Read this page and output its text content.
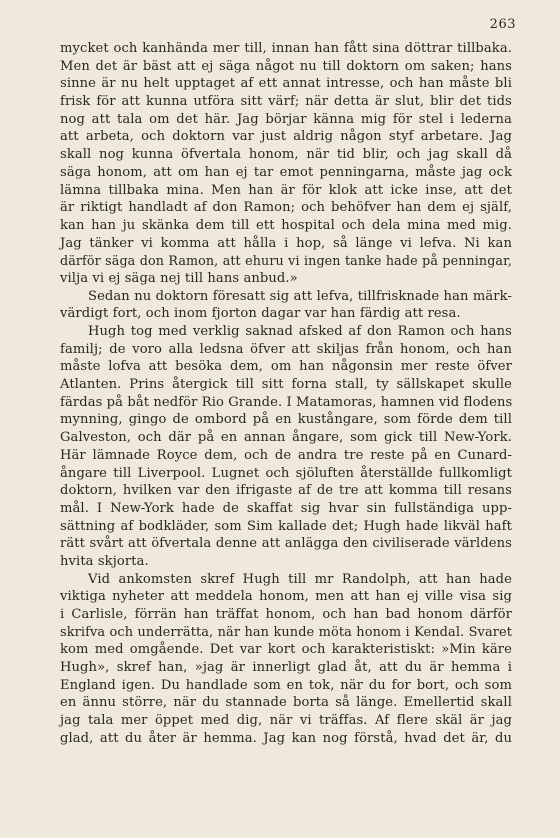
263
mycket och kanhända mer till, innan han fått sina döttrar tillbaka.
Men det är bäst att ej säga något nu till doktorn om saken; hans
sinne är nu helt upptaget af ett annat intresse, och han måste bli
frisk för att kunna utföra sitt värf; när detta är slut, blir det tids
nog att tala om det här. Jag börjar känna mig för stel i lederna
att arbeta, och doktorn var just aldrig någon styf arbetare. Jag
skall nog kunna öfvertala honom, när tid blir, och jag skall då
säga honom, att om han ej tar emot penningarna, måste jag ock
lämna tillbaka mina. Men han är för klok att icke inse, att det
är riktigt handladt af don Ramon; och behöfver han dem ej själf,
kan han ju skänka dem till ett hospital och dela mina med mig.
Jag tänker vi komma att hålla i hop, så länge vi lefva. Ni kan
därför säga don Ramon, att ehuru vi ingen tanke hade på penningar,
vilja vi ej säga nej till hans anbud.»
Sedan nu doktorn föresatt sig att lefva, tillfrisknade han märk-
värdigt fort, och inom fjorton dagar var han färdig att resa.
Hugh tog med verklig saknad afsked af don Ramon och hans
familj; de voro alla ledsna öfver att skiljas från honom, och han
måste lofva att besöka dem, om han någonsin mer reste öfver
Atlanten. Prins återgick till sitt forna stall, ty sällskapet skulle
färdas på båt nedför Rio Grande. I Matamoras, hamnen vid flodens
mynning, gingo de ombord på en kustångare, som förde dem till
Galveston, och där på en annan ångare, som gick till New-York.
Här lämnade Royce dem, och de andra tre reste på en Cunard-
ångare till Liverpool. Lugnet och sjöluften återställde fullkomligt
doktorn, hvilken var den ifrigaste af de tre att komma till resans
mål. I New-York hade de skaffat sig hvar sin fullständiga upp-
sättning af bodkläder, som Sim kallade det; Hugh hade likväl haft
rätt svårt att öfvertala denne att anlägga den civiliserade världens
hvita skjorta.
Vid ankomsten skref Hugh till mr Randolph, att han hade
viktiga nyheter att meddela honom, men att han ej ville visa sig
i Carlisle, förrän han träffat honom, och han bad honom därför
skrifva och underrätta, när han kunde möta honom i Kendal. Svaret
kom med omgående. Det var kort och karakteristiskt: »Min käre
Hugh», skref han, »jag är innerligt glad åt, att du är hemma i
England igen. Du handlade som en tok, när du for bort, och som
en ännu större, när du stannade borta så länge. Emellertid skall
jag tala mer öppet med dig, när vi träffas. Af flere skäl är jag
glad, att du åter är hemma. Jag kan nog förstå, hvad det är, du
